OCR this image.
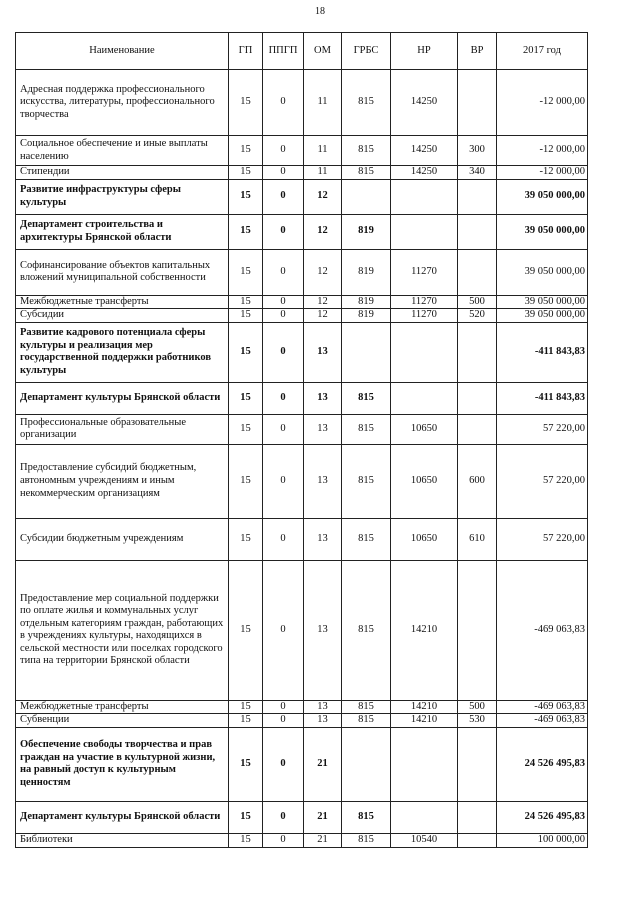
18
Наименование	ГП	ППГП	ОМ	ГРБС	НР	ВР	2017 год
Адресная поддержка профессионального искусства, литературы, профессионального творчества	15	0	11	815	14250		-12 000,00
Социальное обеспечение и иные выплаты населению	15	0	11	815	14250	300	-12 000,00
Стипендии	15	0	11	815	14250	340	-12 000,00
Развитие инфраструктуры сферы культуры	15	0	12				39 050 000,00
Департамент строительства и архитектуры Брянской области	15	0	12	819			39 050 000,00
Софинансирование объектов капитальных вложений муниципальной собственности	15	0	12	819	11270		39 050 000,00
Межбюджетные трансферты	15	0	12	819	11270	500	39 050 000,00
Субсидии	15	0	12	819	11270	520	39 050 000,00
Развитие кадрового потенциала сферы культуры и реализация мер государственной поддержки работников культуры	15	0	13				-411 843,83
Департамент культуры Брянской области	15	0	13	815			-411 843,83
Профессиональные образовательные организации	15	0	13	815	10650		57 220,00
Предоставление субсидий бюджетным, автономным учреждениям и иным некоммерческим организациям	15	0	13	815	10650	600	57 220,00
Субсидии бюджетным учреждениям	15	0	13	815	10650	610	57 220,00
Предоставление мер социальной поддержки по оплате жилья и коммунальных услуг отдельным категориям граждан, работающих в учреждениях культуры, находящихся в сельской местности или поселках городского типа на территории Брянской области	15	0	13	815	14210		-469 063,83
Межбюджетные трансферты	15	0	13	815	14210	500	-469 063,83
Субвенции	15	0	13	815	14210	530	-469 063,83
Обеспечение свободы творчества и прав граждан на участие в культурной жизни, на равный доступ к культурным ценностям	15	0	21				24 526 495,83
Департамент культуры Брянской области	15	0	21	815			24 526 495,83
Библиотеки	15	0	21	815	10540		100 000,00
